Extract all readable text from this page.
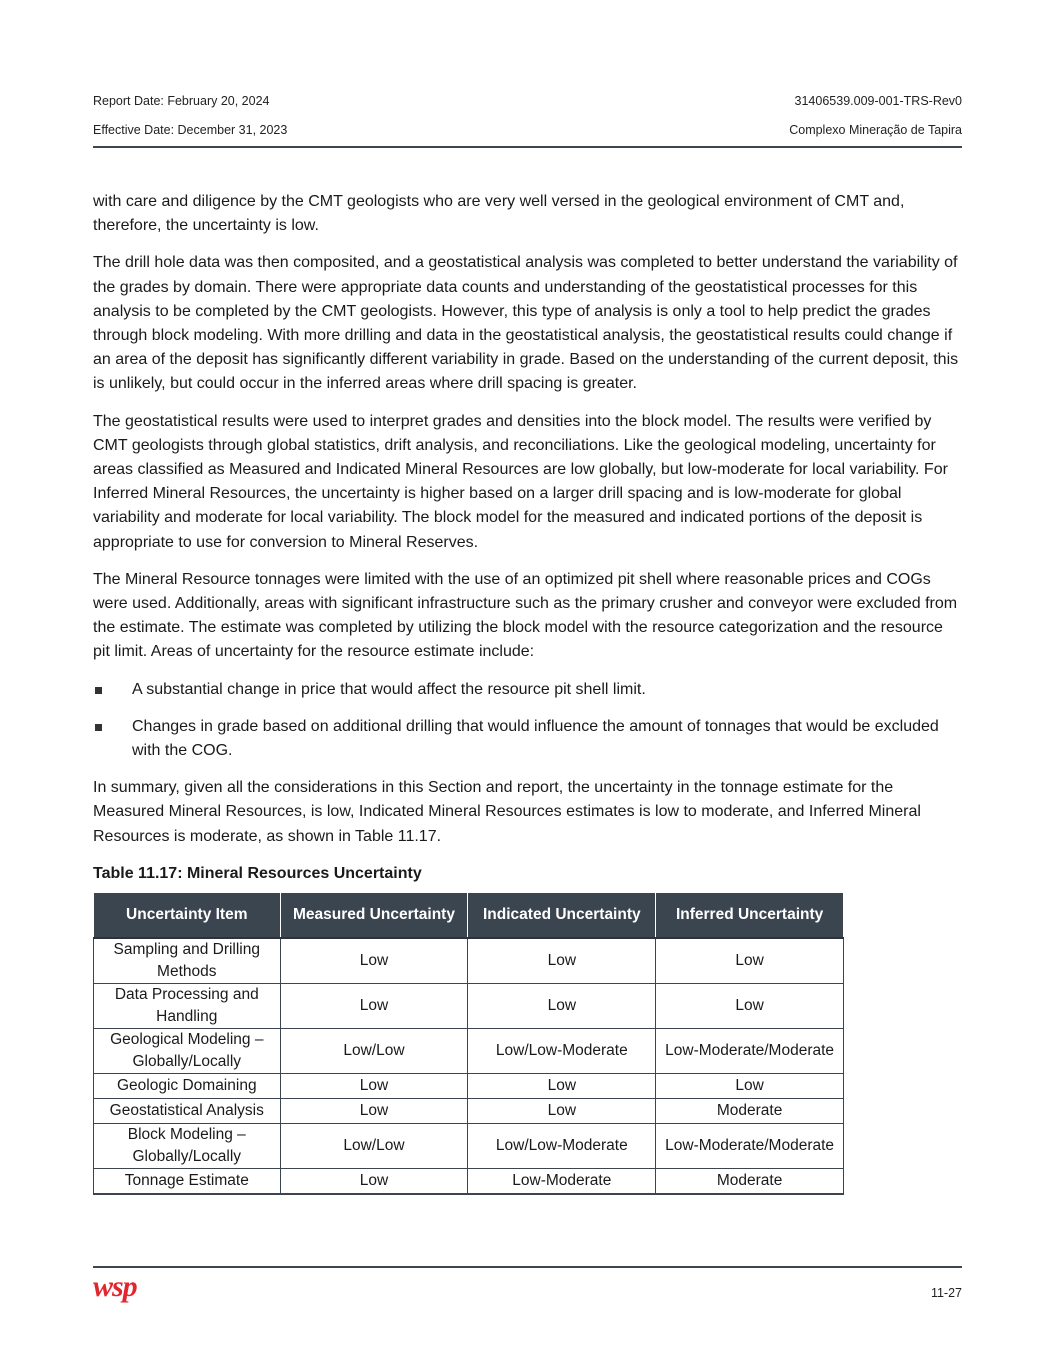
Report Date: February 20, 2024	31406539.009-001-TRS-Rev0
Effective Date: December 31, 2023	Complexo Mineração de Tapira

with care and diligence by the CMT geologists who are very well versed in the geological environment of CMT and, therefore, the uncertainty is low.

The drill hole data was then composited, and a geostatistical analysis was completed to better understand the variability of the grades by domain. There were appropriate data counts and understanding of the geostatistical processes for this analysis to be completed by the CMT geologists. However, this type of analysis is only a tool to help predict the grades through block modeling. With more drilling and data in the geostatistical analysis, the geostatistical results could change if an area of the deposit has significantly different variability in grade. Based on the understanding of the current deposit, this is unlikely, but could occur in the inferred areas where drill spacing is greater.

The geostatistical results were used to interpret grades and densities into the block model. The results were verified by CMT geologists through global statistics, drift analysis, and reconciliations. Like the geological modeling, uncertainty for areas classified as Measured and Indicated Mineral Resources are low globally, but low-moderate for local variability. For Inferred Mineral Resources, the uncertainty is higher based on a larger drill spacing and is low-moderate for global variability and moderate for local variability. The block model for the measured and indicated portions of the deposit is appropriate to use for conversion to Mineral Reserves.

The Mineral Resource tonnages were limited with the use of an optimized pit shell where reasonable prices and COGs were used. Additionally, areas with significant infrastructure such as the primary crusher and conveyor were excluded from the estimate. The estimate was completed by utilizing the block model with the resource categorization and the resource pit limit. Areas of uncertainty for the resource estimate include:

A substantial change in price that would affect the resource pit shell limit.
Changes in grade based on additional drilling that would influence the amount of tonnages that would be excluded with the COG.

In summary, given all the considerations in this Section and report, the uncertainty in the tonnage estimate for the Measured Mineral Resources, is low, Indicated Mineral Resources estimates is low to moderate, and Inferred Mineral Resources is moderate, as shown in Table 11.17.

Table 11.17: Mineral Resources Uncertainty
Uncertainty Item	Measured Uncertainty	Indicated Uncertainty	Inferred Uncertainty
Sampling and Drilling Methods	Low	Low	Low
Data Processing and Handling	Low	Low	Low
Geological Modeling – Globally/Locally	Low/Low	Low/Low-Moderate	Low-Moderate/Moderate
Geologic Domaining	Low	Low	Low
Geostatistical Analysis	Low	Low	Moderate
Block Modeling – Globally/Locally	Low/Low	Low/Low-Moderate	Low-Moderate/Moderate
Tonnage Estimate	Low	Low-Moderate	Moderate
wsp	11-27
